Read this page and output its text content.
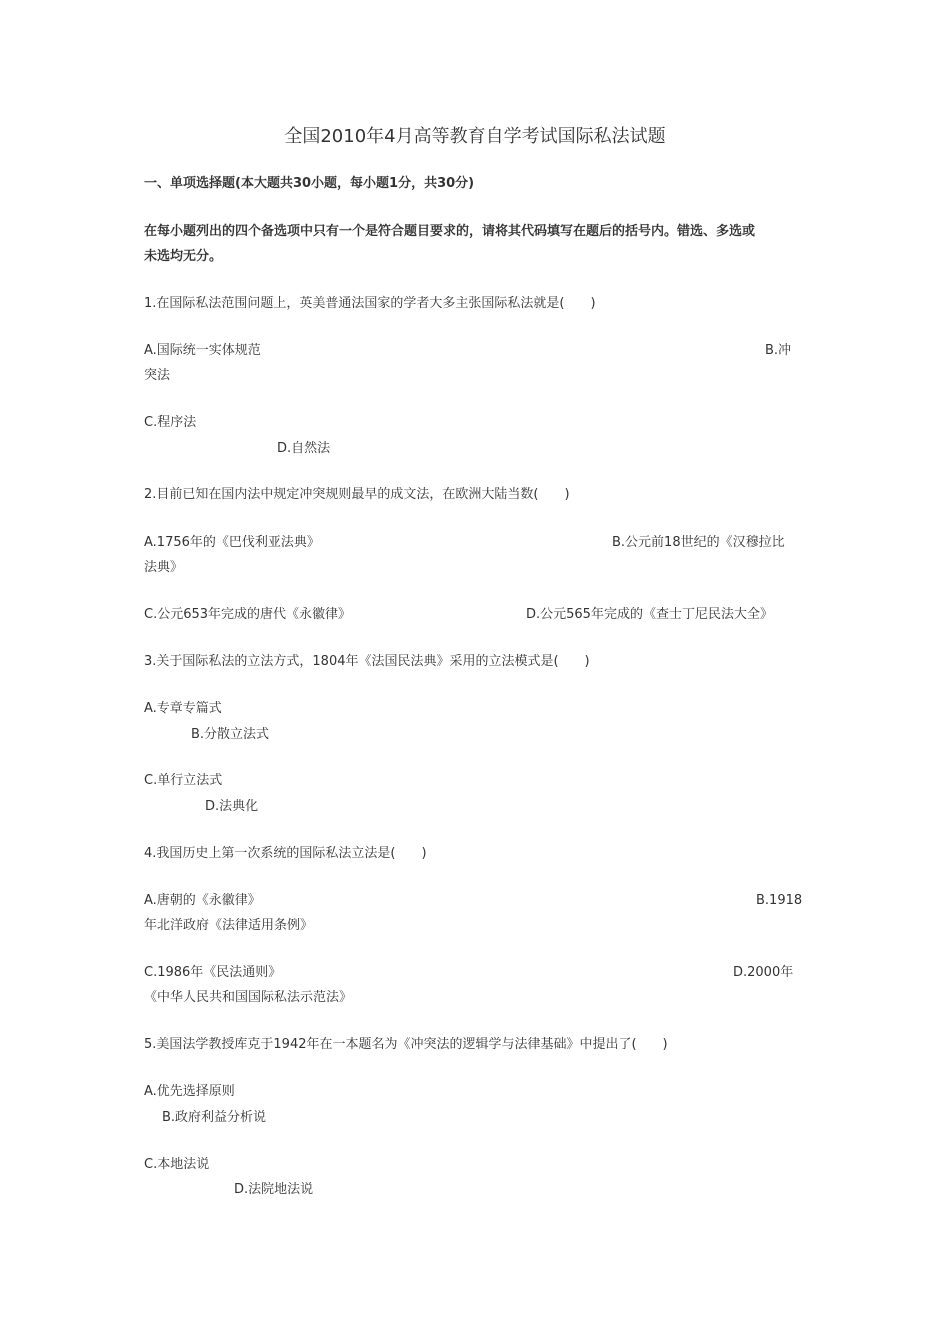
全国2010年4月高等教育自学考试国际私法试题
一、单项选择题(本大题共30小题，每小题1分，共30分)
在每小题列出的四个备选项中只有一个是符合题目要求的，请将其代码填写在题后的括号内。错选、多选或
未选均无分。
1.在国际私法范围问题上，英美普通法国家的学者大多主张国际私法就是(　　)
A.国际统一实体规范	B.冲
突法
C.程序法
D.自然法
2.目前已知在国内法中规定冲突规则最早的成文法，在欧洲大陆当数(　　)
A.1756年的《巴伐利亚法典》	B.公元前18世纪的《汉穆拉比
法典》
C.公元653年完成的唐代《永徽律》	D.公元565年完成的《查士丁尼民法大全》
3.关于国际私法的立法方式，1804年《法国民法典》采用的立法模式是(　　)
A.专章专篇式
B.分散立法式
C.单行立法式
D.法典化
4.我国历史上第一次系统的国际私法立法是(　　)
A.唐朝的《永徽律》	B.1918
年北洋政府《法律适用条例》
C.1986年《民法通则》	D.2000年
《中华人民共和国国际私法示范法》
5.美国法学教授库克于1942年在一本题名为《冲突法的逻辑学与法律基础》中提出了(　　)
A.优先选择原则
B.政府利益分析说
C.本地法说
D.法院地法说
